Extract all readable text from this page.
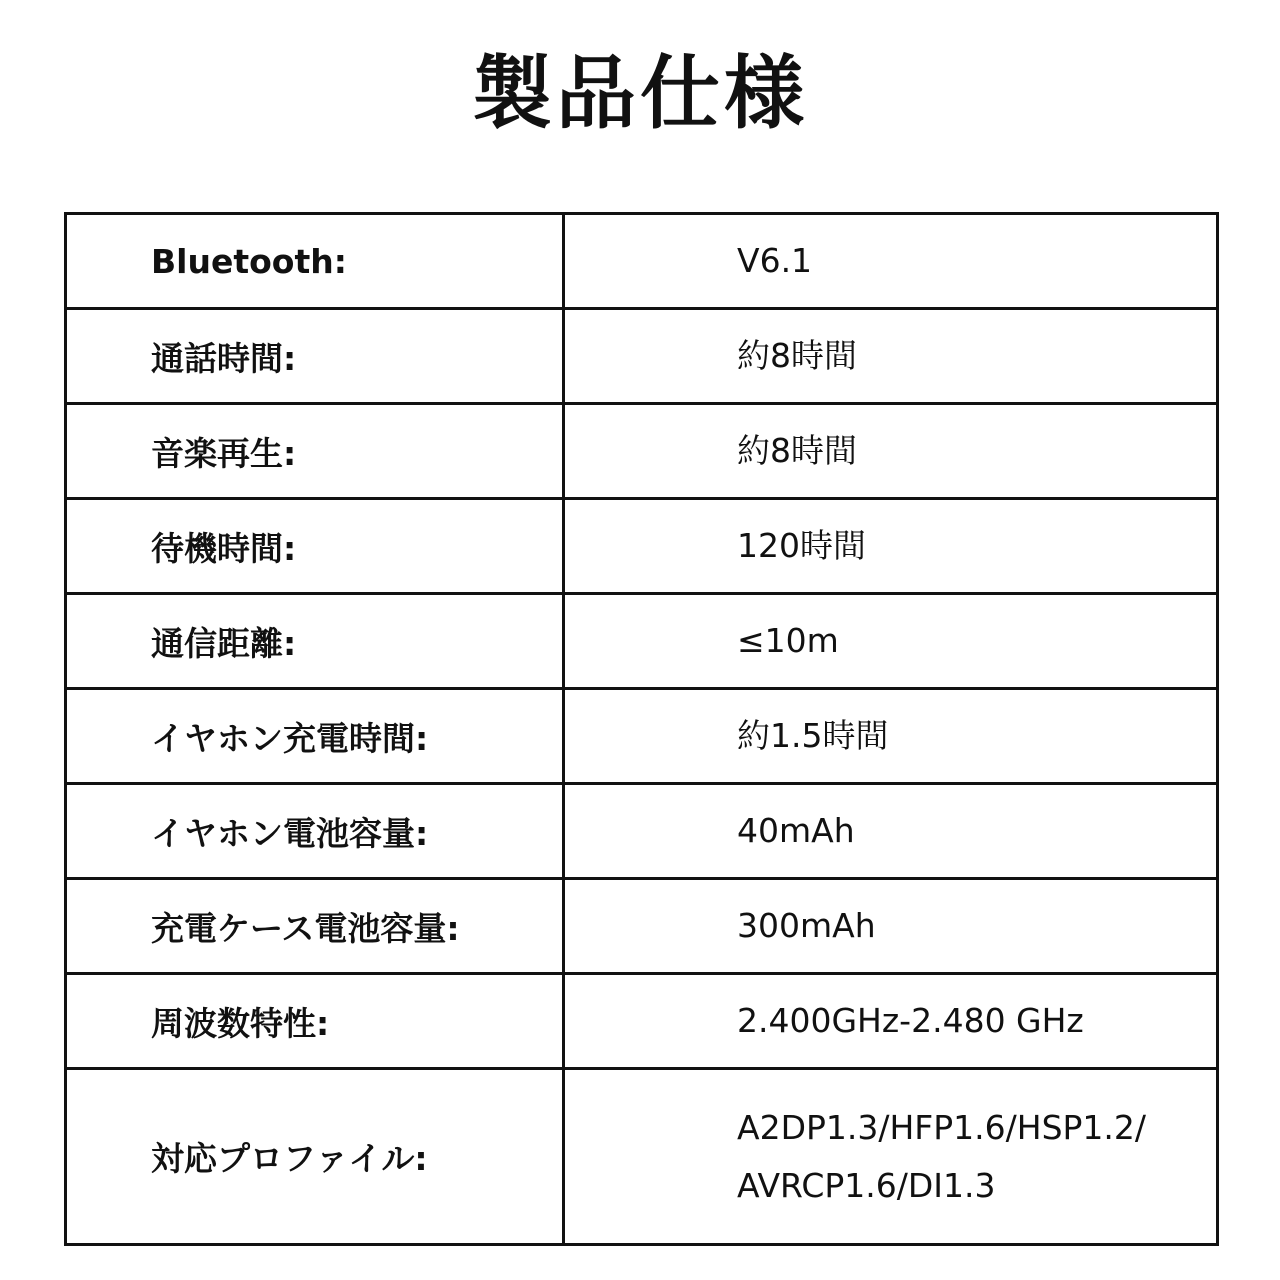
製品仕様
Bluetooth:	V6.1
通話時間:	約8時間
音楽再生:	約8時間
待機時間:	120時間
通信距離:	≤10m
イヤホン充電時間:	約1.5時間
イヤホン電池容量:	40mAh
充電ケース電池容量:	300mAh
周波数特性:	2.400GHz-2.480 GHz
対応プロファイル:	A2DP1.3/HFP1.6/HSP1.2/
AVRCP1.6/DI1.3
